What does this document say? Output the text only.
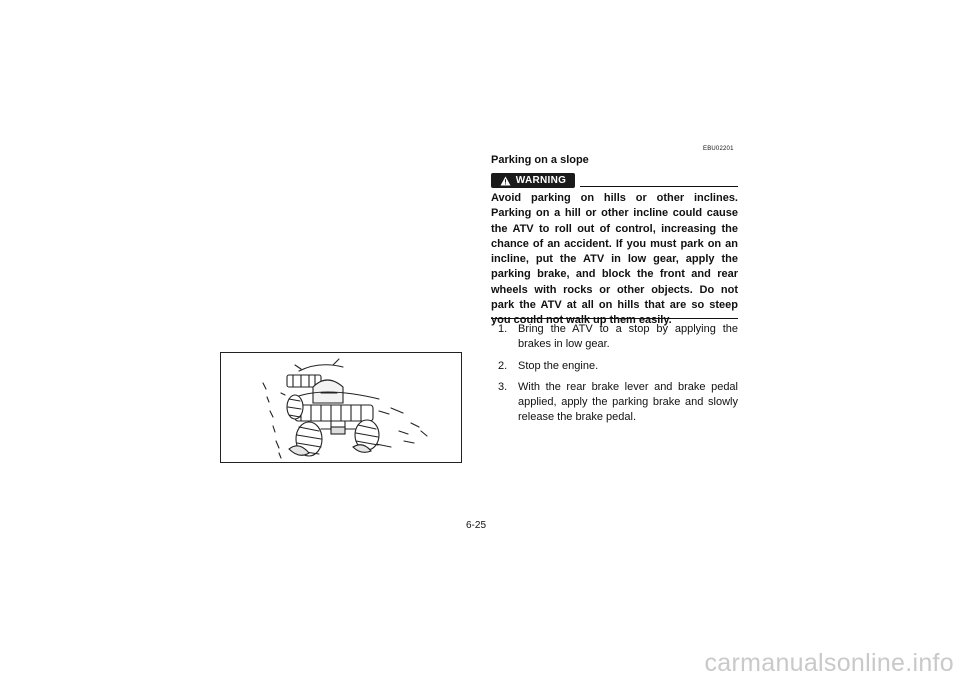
EBU02201
Parking on a slope
WARNING
Avoid parking on hills or other inclines. Parking on a hill or other incline could cause the ATV to roll out of control, increasing the chance of an accident. If you must park on an incline, put the ATV in low gear, apply the parking brake, and block the front and rear wheels with rocks or other objects. Do not park the ATV at all on hills that are so steep you could not walk up them easily.
1. Bring the ATV to a stop by applying the brakes in low gear.
2. Stop the engine.
3. With the rear brake lever and brake pedal applied, apply the parking brake and slowly release the brake pedal.
6-25
carmanualsonline.info
